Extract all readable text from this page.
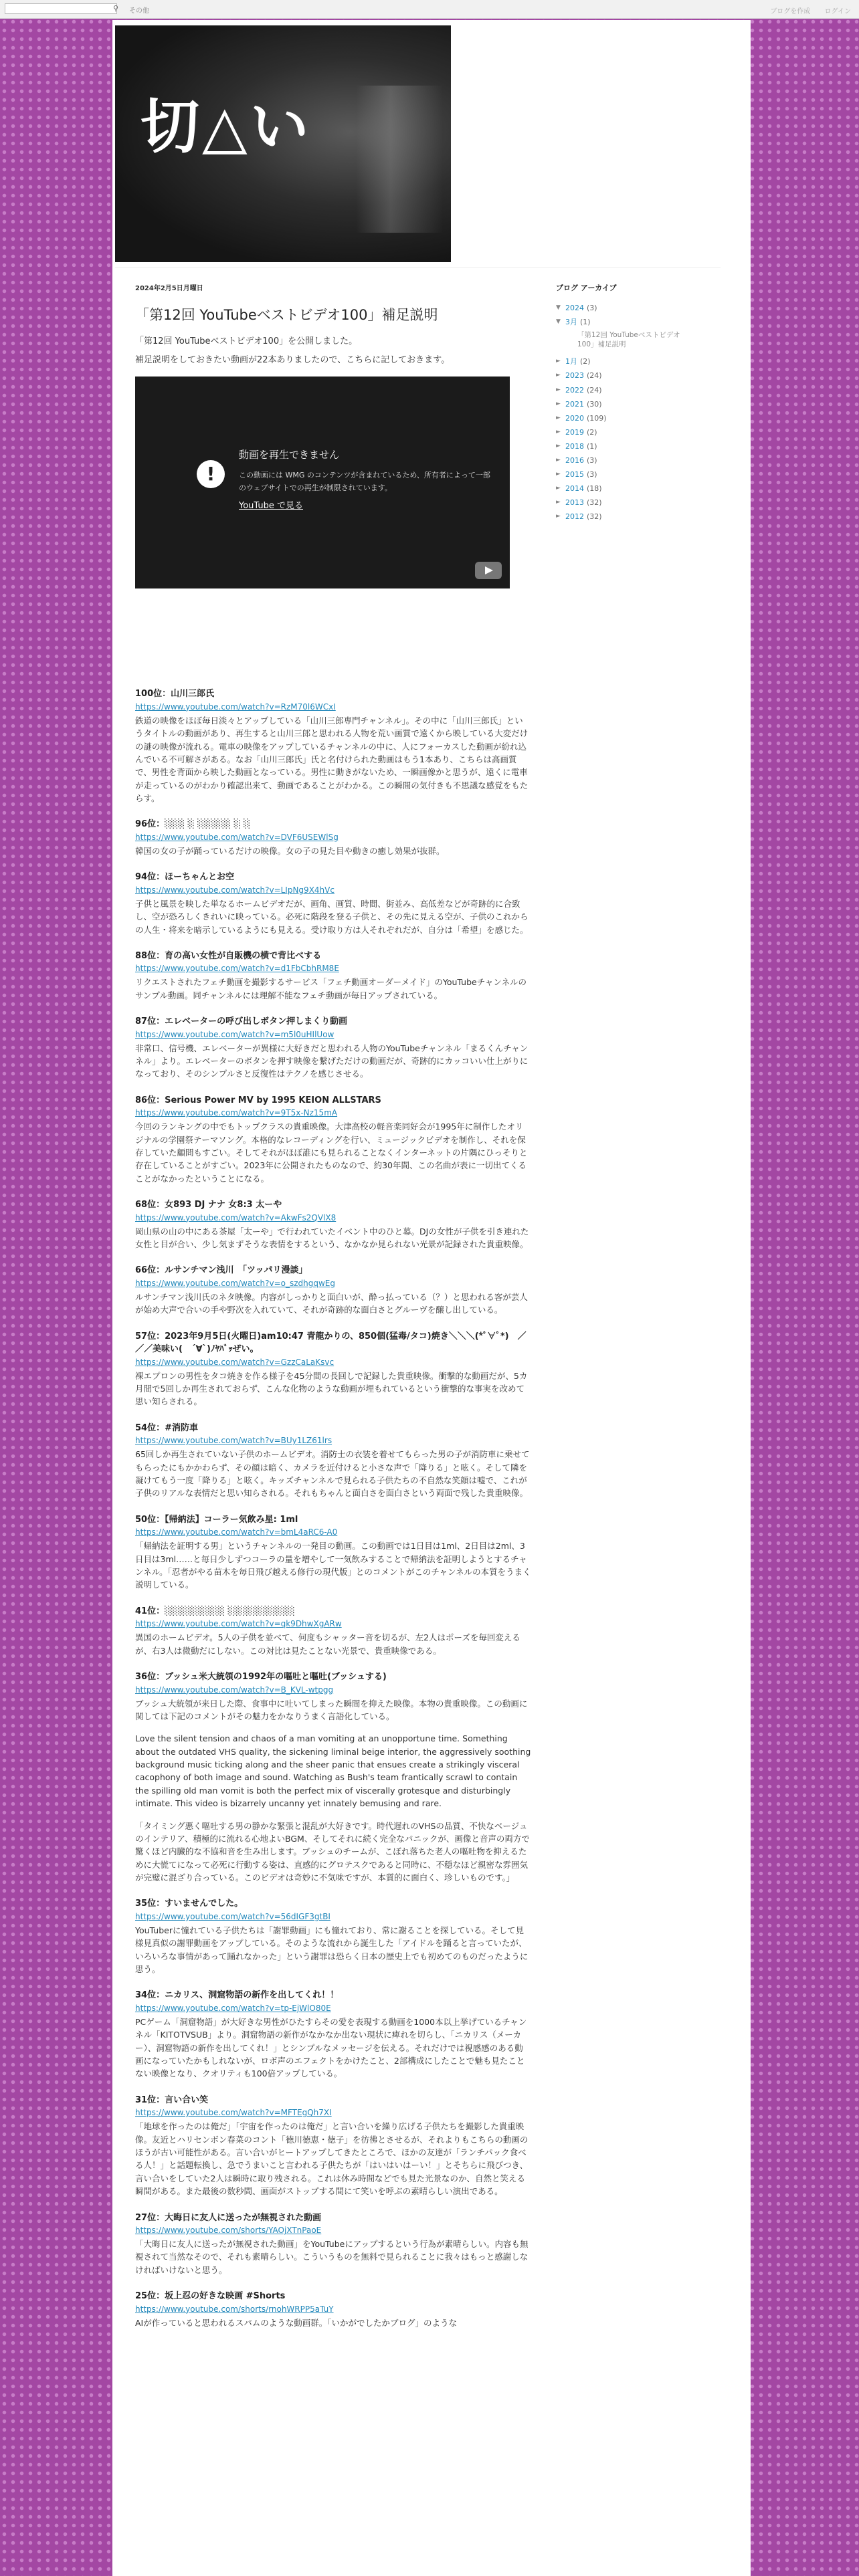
⚲ その他	ブログを作成 ログイン
切△い
2024年2月5日月曜日
「第12回 YouTubeベストビデオ100」補足説明

「第12回 YouTubeベストビデオ100」を公開しました。

補足説明をしておきたい動画が22本ありましたので、こちらに記しておきます。

!
動画を再生できません
この動画には WMG のコンテンツが含まれているため、所有者によって一部のウェブサイトでの再生が制限されています。
YouTube で見る
100位：山川三郎氏
https://www.youtube.com/watch?v=RzM70l6WCxI
鉄道の映像をほぼ毎日淡々とアップしている「山川三郎専門チャンネル」。その中に「山川三郎氏」というタイトルの動画があり、再生すると山川三郎と思われる人物を荒い画質で遠くから映している大変だけの謎の映像が流れる。電車の映像をアップしているチャンネルの中に、人にフォーカスした動画が紛れ込んでいる不可解さがある。なお「山川三郎氏」氏と名付けられた動画はもう1本あり、こちらは高画質で、男性を背面から映した動画となっている。男性に動きがないため、一瞬画像かと思うが、遠くに電車が走っているのがわかり確認出来て、動画であることがわかる。この瞬間の気付きも不思議な感覚をもたらす。
96位：░░░ ░ ░░░░░ ░ ░
https://www.youtube.com/watch?v=DVF6USEWlSg
韓国の女の子が踊っているだけの映像。女の子の見た目や動きの癒し効果が抜群。
94位：ほーちゃんとお空
https://www.youtube.com/watch?v=LIpNg9X4hVc
子供と風景を映した単なるホームビデオだが、画角、画質、時間、街並み、高低差などが奇跡的に合致し、空が恐ろしくきれいに映っている。必死に階段を登る子供と、その先に見える空が、子供のこれからの人生・将来を暗示しているようにも見える。受け取り方は人それぞれだが、自分は「希望」を感じた。
88位：育の高い女性が自販機の横で背比べする
https://www.youtube.com/watch?v=d1FbCbhRM8E
リクエストされたフェチ動画を撮影するサービス「フェチ動画オーダーメイド」のYouTubeチャンネルのサンプル動画。同チャンネルには理解不能なフェチ動画が毎日アップされている。
87位：エレベーターの呼び出しボタン押しまくり動画
https://www.youtube.com/watch?v=m5l0uHIlUow
非常口、信号機、エレベーターが異様に大好きだと思われる人物のYouTubeチャンネル「まるくんチャンネル」より。エレベーターのボタンを押す映像を繋げただけの動画だが、奇跡的にカッコいい仕上がりになっており、そのシンプルさと反復性はテクノを感じさせる。
86位：Serious Power MV by 1995 KEION ALLSTARS
https://www.youtube.com/watch?v=9T5x-Nz15mA
今回のランキングの中でもトップクラスの貴重映像。大津高校の軽音楽同好会が1995年に制作したオリジナルの学園祭テーマソング。本格的なレコーディングを行い、ミュージックビデオを制作し、それを保存していた顧問もすごい。そしてそれがほぼ誰にも見られることなくインターネットの片隅にひっそりと存在していることがすごい。2023年に公開されたものなので、約30年間、この名曲が表に一切出てくることがなかったということになる。
68位：女893 DJ ナナ 女8:3 太ーや
https://www.youtube.com/watch?v=AkwFs2QVlX8
岡山県の山の中にある茶屋「太ーや」で行われていたイベント中のひと幕。DJの女性が子供を引き連れた女性と目が合い、少し気まずそうな表情をするという、なかなか見られない光景が記録された貴重映像。
66位：ルサンチマン浅川　「ツッパリ漫談」
https://www.youtube.com/watch?v=o_szdhgqwEg
ルサンチマン浅川氏のネタ映像。内容がしっかりと面白いが、酔っ払っている（？）と思われる客が芸人が始め大声で合いの手や野次を入れていて、それが奇跡的な面白さとグルーヴを醸し出している。
57位：2023年9月5日(火曜日)am10:47 青龍かりの、850個(猛毒/タコ)焼き＼＼＼(*ﾟ∀ﾟ*)　／／／美味い(　´∀`)ﾉﾔﾊﾞｯぜい。
https://www.youtube.com/watch?v=GzzCaLaKsvc
裸エプロンの男性をタコ焼きを作る様子を45分間の長回しで記録した貴重映像。衝撃的な動画だが、5カ月間で5回しか再生されておらず、こんな化物のような動画が埋もれているという衝撃的な事実を改めて思い知らされる。
54位：#消防車
https://www.youtube.com/watch?v=BUy1LZ61lrs
65回しか再生されていない子供のホームビデオ。消防士の衣装を着せてもらった男の子が消防車に乗せてもらったにもかかわらず、その顔は暗く、カメラを近付けると小さな声で「降りる」と呟く。そして隣を凝けてもう一度「降りる」と呟く。キッズチャンネルで見られる子供たちの不自然な笑顔は嘘で、これが子供のリアルな表情だと思い知らされる。それもちゃんと面白さを面白さという両面で残した貴重映像。
50位：【帰納法】コーラー気飲み星: 1ml
https://www.youtube.com/watch?v=bmL4aRC6-A0
「帰納法を証明する男」というチャンネルの一発目の動画。この動画では1日目は1ml、2日目は2ml、3日目は3ml……と毎日少しずつコーラの量を増やして一気飲みすることで帰納法を証明しようとするチャンネル。「忍者がやる苗木を毎日飛び越える修行の現代版」とのコメントがこのチャンネルの本質をうまく説明している。
41位：░░░░░░░░░ ░░░░░░░░░░
https://www.youtube.com/watch?v=qk9DhwXgARw
異国のホームビデオ。5人の子供を並べて、何度もシャッター音を切るが、左2人はポーズを毎回変えるが、右3人は微動だにしない。この対比は見たことない光景で、貴重映像である。
36位：ブッシュ米大統領の1992年の嘔吐と嘔吐(ブッシュする)
https://www.youtube.com/watch?v=B_KVL-wtpgg
ブッシュ大統領が来日した際、食事中に吐いてしまった瞬間を抑えた映像。本物の貴重映像。この動画に関しては下記のコメントがその魅力をかなりうまく言語化している。
Love the silent tension and chaos of a man vomiting at an unopportune time. Something about the outdated VHS quality, the sickening liminal beige interior, the aggressively soothing background music ticking along and the sheer panic that ensues create a strikingly visceral cacophony of both image and sound. Watching as Bush's team frantically scrawl to contain the spilling old man vomit is both the perfect mix of viscerally grotesque and disturbingly intimate. This video is bizarrely uncanny yet innately bemusing and rare.
「タイミング悪く嘔吐する男の静かな緊張と混乱が大好きです。時代遅れのVHSの品質、不快なベージュのインテリア、積極的に流れる心地よいBGM、そしてそれに続く完全なパニックが、画像と音声の両方で驚くほど内臓的な不協和音を生み出します。ブッシュのチームが、こぼれ落ちた老人の嘔吐物を抑えるために大慌てになって必死に行動する姿は、直感的にグロテスクであると同時に、不穏なほど親密な雰囲気が完璧に混ざり合っている。このビデオは奇妙に不気味ですが、本質的に面白く、珍しいものです。」
35位：すいませんでした。
https://www.youtube.com/watch?v=56dIGF3gtBI
YouTuberに憧れている子供たちは「謝罪動画」にも憧れており、常に謝ることを探している。そして見様見真似の謝罪動画をアップしている。そのような流れから誕生した「アイドルを踊ると言っていたが、いろいろな事情があって踊れなかった」という謝罪は恐らく日本の歴史上でも初めてのものだったように思う。
34位：ニカリス、洞窟物語の新作を出してくれ！！
https://www.youtube.com/watch?v=tp-EjWlO80E
PCゲーム「洞窟物語」が大好きな男性がひたすらその愛を表現する動画を1000本以上挙げているチャンネル「KITOTVSUB」より。洞窟物語の新作がなかなか出ない現状に痺れを切らし、「ニカリス（メーカー）、洞窟物語の新作を出してくれ！」とシンプルなメッセージを伝える。それだけでは視感感のある動画になっていたかもしれないが、ロボ声のエフェクトをかけたこと、2部構成にしたことで魅も見たことない映像となり、クオリティも100倍アップしている。
31位：言い合い笑
https://www.youtube.com/watch?v=MFTEgQh7XI
「地球を作ったのは俺だ」「宇宙を作ったのは俺だ」と言い合いを繰り広げる子供たちを撮影した貴重映像。友近とハリセンボン春菜のコント「徳川徳恵・徳子」を彷彿とさせるが、それよりもこちらの動画のほうが古い可能性がある。言い合いがヒートアップしてきたところで、ほかの友達が「ランチパック食べる人！」と話題転換し、急でうまいこと言われる子供たちが「はいはいはーい！」とそちらに飛びつき、言い合いをしていた2人は瞬時に取り残される。これは休み時間などでも見た光景なのか、自然と笑える瞬間がある。また最後の数秒間、画面がストップする間にて笑いを呼ぶの素晴らしい演出である。
27位：大晦日に友人に送ったが無視された動画
https://www.youtube.com/shorts/YAOjXTnPaoE
「大晦日に友人に送ったが無視された動画」をYouTubeにアップするという行為が素晴らしい。内容も無視されて当然なそので、それも素晴らしい。こういうものを無料で見られることに我々はもっと感謝しなければいけないと思う。
25位：坂上忍の好きな映画 #Shorts
https://www.youtube.com/shorts/rnohWRPP5aTuY
AIが作っていると思われるスパムのような動画群。「いかがでしたかブログ」のような
ブログ アーカイブ
▼ 2024 (3)
▼ 3月 (1)
「第12回 YouTubeベストビデオ100」補足説明
► 1月 (2)
► 2023 (24)
► 2022 (24)
► 2021 (30)
► 2020 (109)
► 2019 (2)
► 2018 (1)
► 2016 (3)
► 2015 (3)
► 2014 (18)
► 2013 (32)
► 2012 (32)
